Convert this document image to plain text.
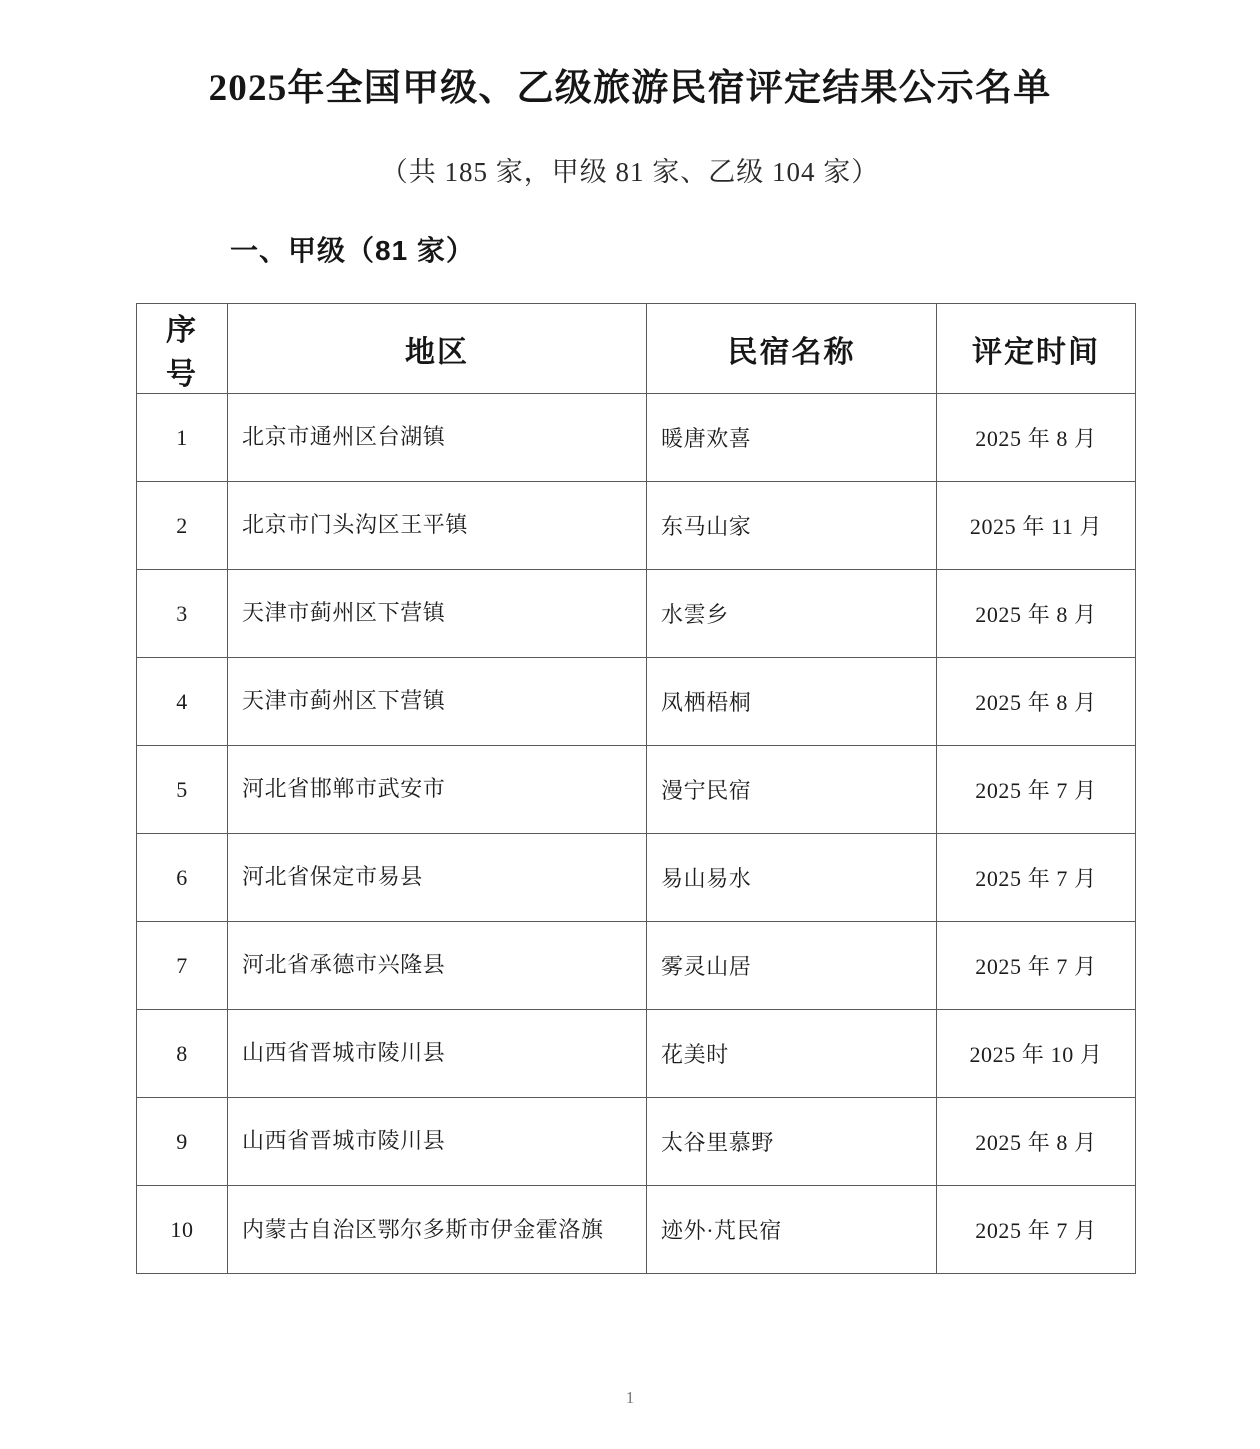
2025年全国甲级、乙级旅游民宿评定结果公示名单

（共 185 家，甲级 81 家、乙级 104 家）

一、甲级（81 家）
序号	地区	民宿名称	评定时间
1	北京市通州区台湖镇	暖唐欢喜	2025 年 8 月
2	北京市门头沟区王平镇	东马山家	2025 年 11 月
3	天津市蓟州区下营镇	水雲乡	2025 年 8 月
4	天津市蓟州区下营镇	凤栖梧桐	2025 年 8 月
5	河北省邯郸市武安市	漫宁民宿	2025 年 7 月
6	河北省保定市易县	易山易水	2025 年 7 月
7	河北省承德市兴隆县	雾灵山居	2025 年 7 月
8	山西省晋城市陵川县	花美时	2025 年 10 月
9	山西省晋城市陵川县	太谷里慕野	2025 年 8 月
10	内蒙古自治区鄂尔多斯市伊金霍洛旗	迹外·芃民宿	2025 年 7 月
1
